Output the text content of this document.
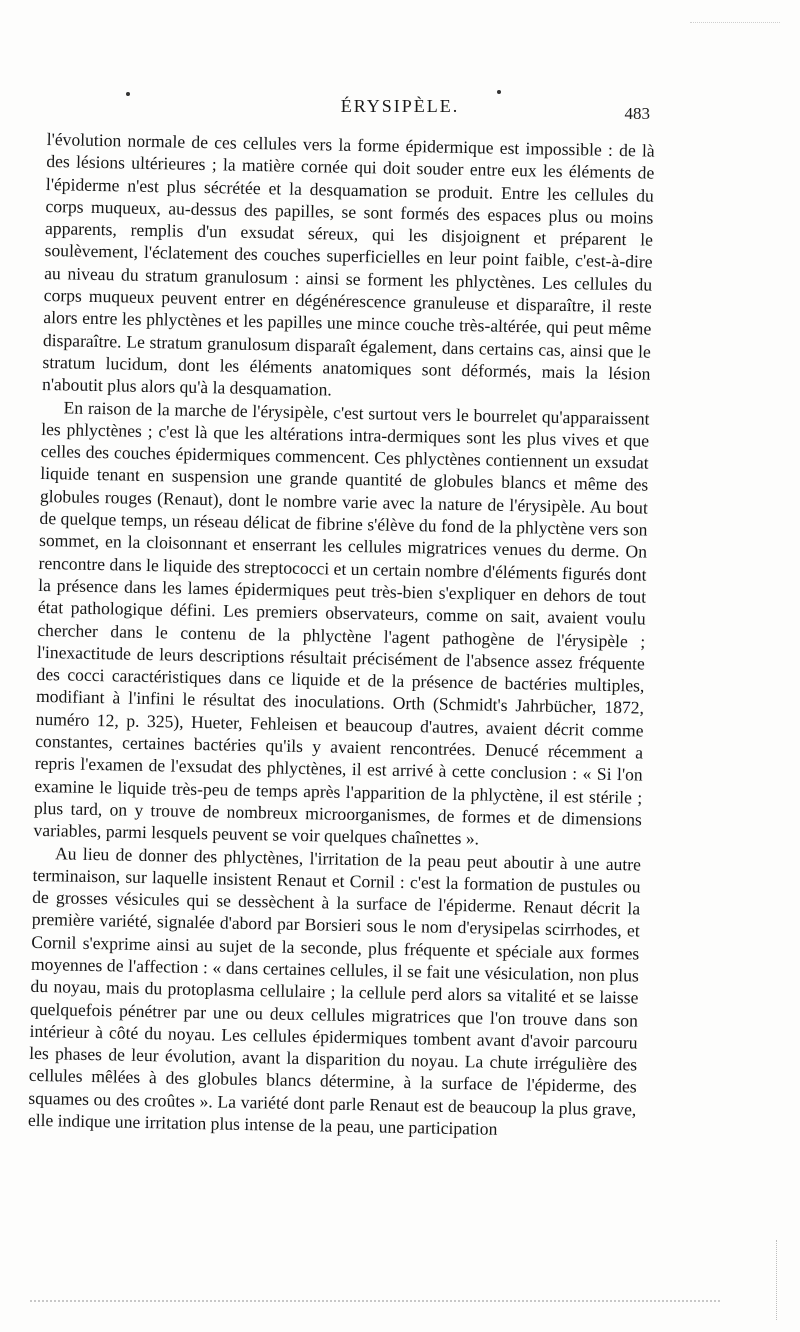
ÉRYSIPÈLE.	483

l'évolution normale de ces cellules vers la forme épidermique est impossible : de là des lésions ultérieures ; la matière cornée qui doit souder entre eux les éléments de l'épiderme n'est plus sécrétée et la desquamation se produit. Entre les cellules du corps muqueux, au-dessus des papilles, se sont formés des espaces plus ou moins apparents, remplis d'un exsudat séreux, qui les disjoignent et préparent le soulèvement, l'éclatement des couches superficielles en leur point faible, c'est-à-dire au niveau du stratum granulosum : ainsi se forment les phlyctènes. Les cellules du corps muqueux peuvent entrer en dégénérescence granuleuse et disparaître, il reste alors entre les phlyctènes et les papilles une mince couche très-altérée, qui peut même disparaître. Le stratum granulosum disparaît également, dans certains cas, ainsi que le stratum lucidum, dont les éléments anatomiques sont déformés, mais la lésion n'aboutit plus alors qu'à la desquamation.

En raison de la marche de l'érysipèle, c'est surtout vers le bourrelet qu'apparaissent les phlyctènes ; c'est là que les altérations intra-dermiques sont les plus vives et que celles des couches épidermiques commencent. Ces phlyctènes contiennent un exsudat liquide tenant en suspension une grande quantité de globules blancs et même des globules rouges (Renaut), dont le nombre varie avec la nature de l'érysipèle. Au bout de quelque temps, un réseau délicat de fibrine s'élève du fond de la phlyctène vers son sommet, en la cloisonnant et enserrant les cellules migratrices venues du derme. On rencontre dans le liquide des streptococci et un certain nombre d'éléments figurés dont la présence dans les lames épidermiques peut très-bien s'expliquer en dehors de tout état pathologique défini. Les premiers observateurs, comme on sait, avaient voulu chercher dans le contenu de la phlyctène l'agent pathogène de l'érysipèle ; l'inexactitude de leurs descriptions résultait précisément de l'absence assez fréquente des cocci caractéristiques dans ce liquide et de la présence de bactéries multiples, modifiant à l'infini le résultat des inoculations. Orth (Schmidt's Jahrbücher, 1872, numéro 12, p. 325), Hueter, Fehleisen et beaucoup d'autres, avaient décrit comme constantes, certaines bactéries qu'ils y avaient rencontrées. Denucé récemment a repris l'examen de l'exsudat des phlyctènes, il est arrivé à cette conclusion : « Si l'on examine le liquide très-peu de temps après l'apparition de la phlyctène, il est stérile ; plus tard, on y trouve de nombreux microorganismes, de formes et de dimensions variables, parmi lesquels peuvent se voir quelques chaînettes ».

Au lieu de donner des phlyctènes, l'irritation de la peau peut aboutir à une autre terminaison, sur laquelle insistent Renaut et Cornil : c'est la formation de pustules ou de grosses vésicules qui se dessèchent à la surface de l'épiderme. Renaut décrit la première variété, signalée d'abord par Borsieri sous le nom d'erysipelas scirrhodes, et Cornil s'exprime ainsi au sujet de la seconde, plus fréquente et spéciale aux formes moyennes de l'affection : « dans certaines cellules, il se fait une vésiculation, non plus du noyau, mais du protoplasma cellulaire ; la cellule perd alors sa vitalité et se laisse quelquefois pénétrer par une ou deux cellules migratrices que l'on trouve dans son intérieur à côté du noyau. Les cellules épidermiques tombent avant d'avoir parcouru les phases de leur évolution, avant la disparition du noyau. La chute irrégulière des cellules mêlées à des globules blancs détermine, à la surface de l'épiderme, des squames ou des croûtes ». La variété dont parle Renaut est de beaucoup la plus grave, elle indique une irritation plus intense de la peau, une participation
